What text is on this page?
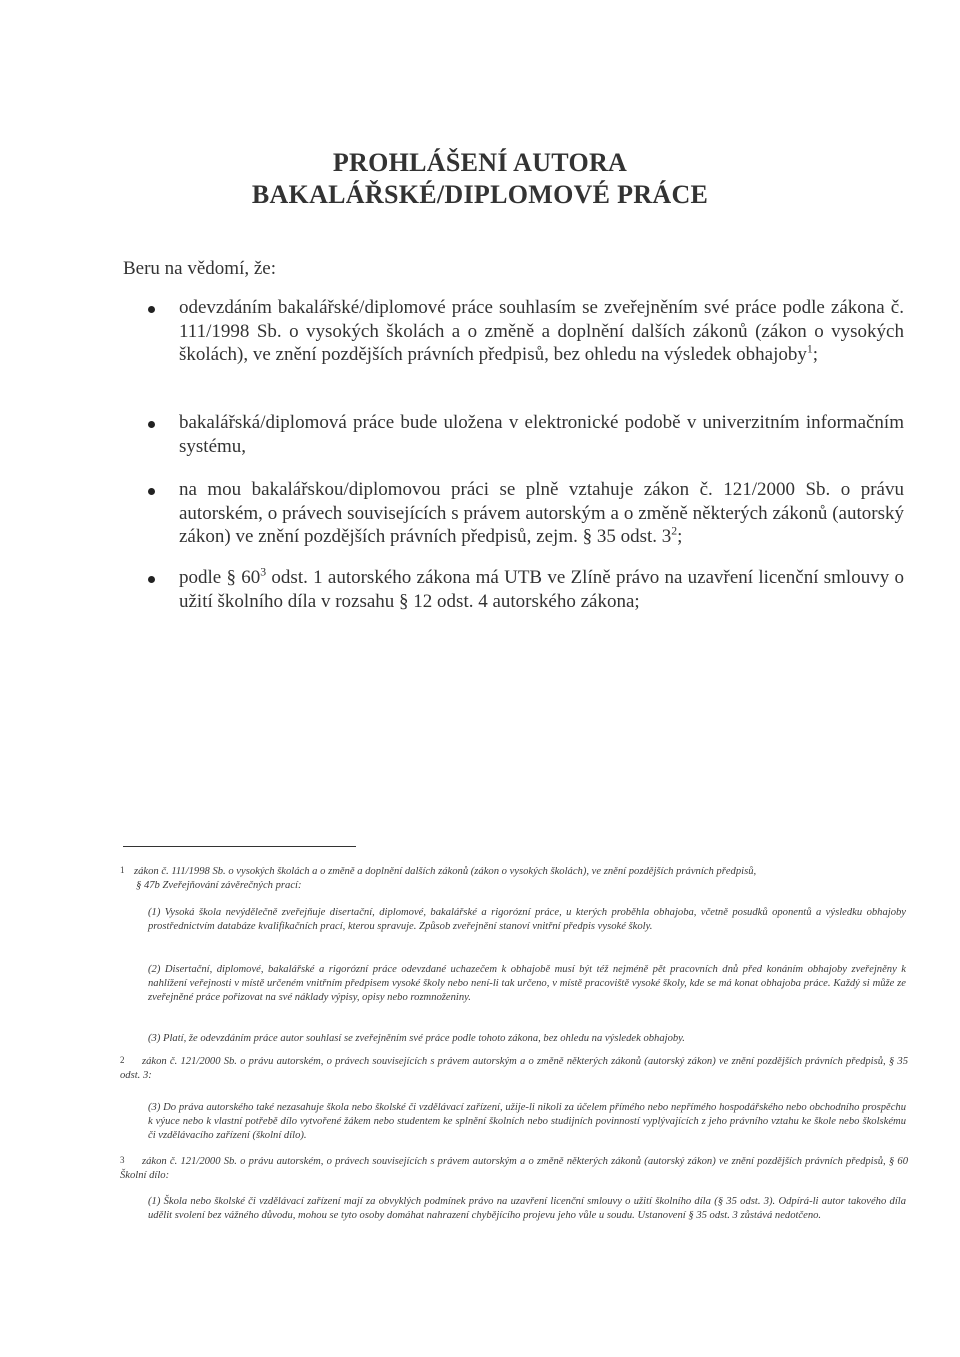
PROHLÁŠENÍ AUTORA
BAKALÁŘSKÉ/DIPLOMOVÉ PRÁCE
Beru na vědomí, že:
odevzdáním bakalářské/diplomové práce souhlasím se zveřejněním své práce podle zákona č. 111/1998 Sb. o vysokých školách a o změně a doplnění dalších zákonů (zákon o vysokých školách), ve znění pozdějších právních předpisů, bez ohledu na výsledek obhajoby$^1$;
bakalářská/diplomová práce bude uložena v elektronické podobě v univerzitním informačním systému,
na mou bakalářskou/diplomovou práci se plně vztahuje zákon č. 121/2000 Sb. o právu autorském, o právech souvisejících s právem autorským a o změně některých zákonů (autorský zákon) ve znění pozdějších právních předpisů, zejm. § 35 odst. $3^2$;
podle § $60^3$ odst. 1 autorského zákona má UTB ve Zlíně právo na uzavření licenční smlouvy o užití školního díla v rozsahu § 12 odst. 4 autorského zákona;
1 zákon č. 111/1998 Sb. o vysokých školách a o změně a doplnění dalších zákonů (zákon o vysokých školách), ve znění pozdějších právních předpisů,
§ 47b Zveřejňování závěrečných prací:
(1) Vysoká škola nevýdělečně zveřejňuje disertační, diplomové, bakalářské a rigorózní práce, u kterých proběhla obhajoba, včetně posudků oponentů a výsledku obhajoby prostřednictvím databáze kvalifikačních prací, kterou spravuje. Způsob zveřejnění stanoví vnitřní předpis vysoké školy.
(2) Disertační, diplomové, bakalářské a rigorózní práce odevzdané uchazečem k obhajobě musí být též nejméně pět pracovních dnů před konáním obhajoby zveřejněny k nahlížení veřejnosti v místě určeném vnitřním předpisem vysoké školy nebo není-li tak určeno, v místě pracoviště vysoké školy, kde se má konat obhajoba práce. Každý si může ze zveřejněné práce pořizovat na své náklady výpisy, opisy nebo rozmnoženiny.
(3) Platí, že odevzdáním práce autor souhlasí se zveřejněním své práce podle tohoto zákona, bez ohledu na výsledek obhajoby.
2	zákon č. 121/2000 Sb. o právu autorském, o právech souvisejících s právem autorským a o změně některých zákonů (autorský zákon) ve znění pozdějších právních předpisů, § 35 odst. 3:
(3) Do práva autorského také nezasahuje škola nebo školské či vzdělávací zařízení, užije-li nikoli za účelem přímého nebo nepřímého hospodářského nebo obchodního prospěchu k výuce nebo k vlastní potřebě dílo vytvořené žákem nebo studentem ke splnění školních nebo studijních povinností vyplývajících z jeho právního vztahu ke škole nebo školskému či vzdělávacího zařízení (školní dílo).
3	zákon č. 121/2000 Sb. o právu autorském, o právech souvisejících s právem autorským a o změně některých zákonů (autorský zákon) ve znění pozdějších právních předpisů, § 60 Školní dílo:
(1) Škola nebo školské či vzdělávací zařízení mají za obvyklých podmínek právo na uzavření licenční smlouvy o užití školního díla (§ 35 odst. 3). Odpírá-li autor takového díla udělit svolení bez vážného důvodu, mohou se tyto osoby domáhat nahrazení chybějícího projevu jeho vůle u soudu. Ustanovení § 35 odst. 3 zůstává nedotčeno.
